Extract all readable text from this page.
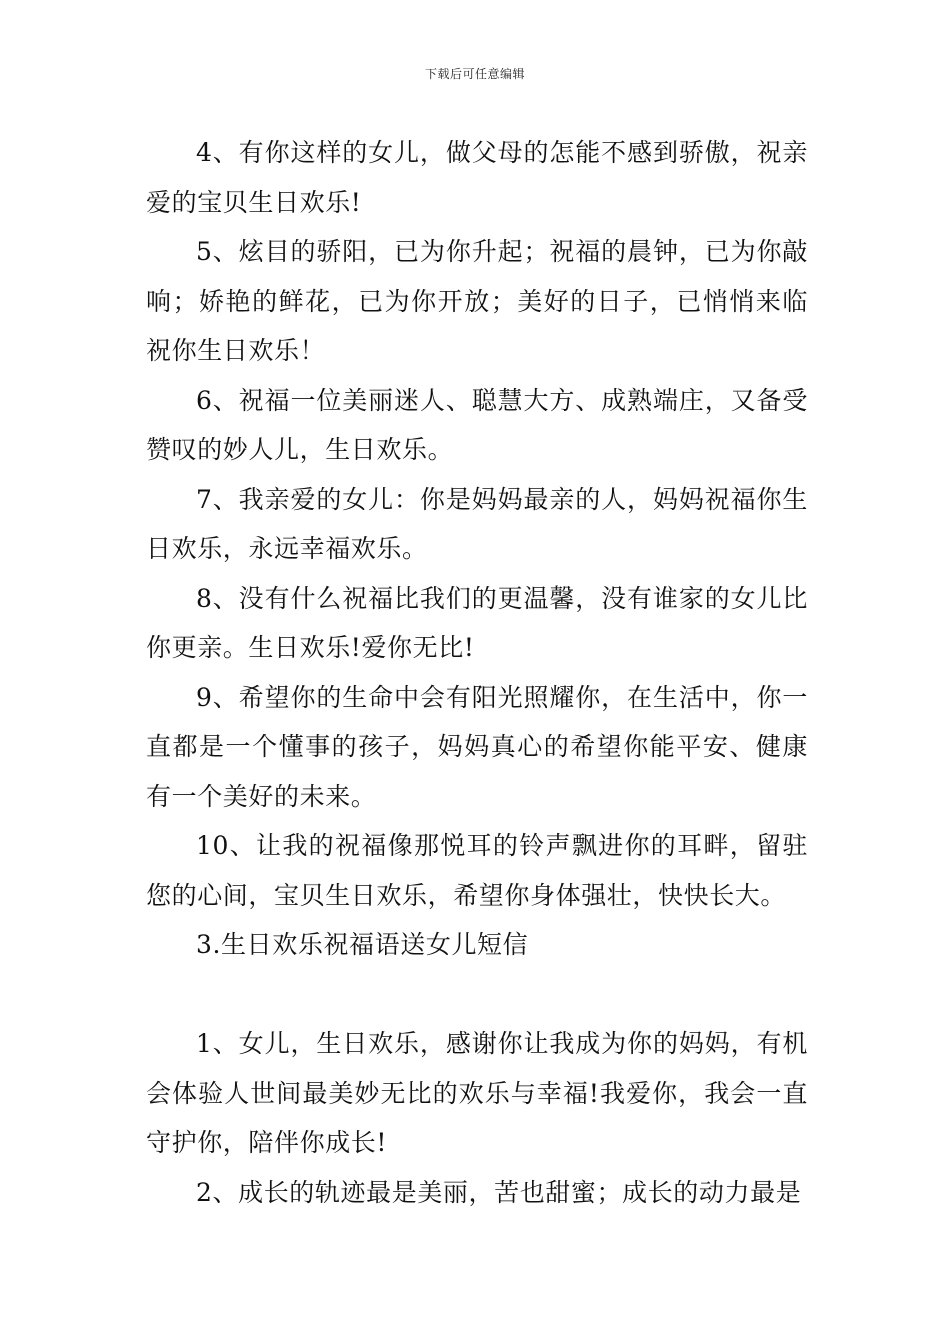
下载后可任意编辑

4、有你这样的女儿，做父母的怎能不感到骄傲，祝亲爱的宝贝生日欢乐!

5、炫目的骄阳，已为你升起；祝福的晨钟，已为你敲响；娇艳的鲜花，已为你开放；美好的日子，已悄悄来临祝你生日欢乐！

6、祝福一位美丽迷人、聪慧大方、成熟端庄，又备受赞叹的妙人儿，生日欢乐。

7、我亲爱的女儿：你是妈妈最亲的人，妈妈祝福你生日欢乐，永远幸福欢乐。

8、没有什么祝福比我们的更温馨，没有谁家的女儿比你更亲。生日欢乐!爱你无比!

9、希望你的生命中会有阳光照耀你，在生活中，你一直都是一个懂事的孩子，妈妈真心的希望你能平安、健康有一个美好的未来。

10、让我的祝福像那悦耳的铃声飘进你的耳畔，留驻您的心间，宝贝生日欢乐，希望你身体强壮，快快长大。

3.生日欢乐祝福语送女儿短信

1、女儿，生日欢乐，感谢你让我成为你的妈妈，有机会体验人世间最美妙无比的欢乐与幸福!我爱你，我会一直守护你，陪伴你成长!

2、成长的轨迹最是美丽，苦也甜蜜；成长的动力最是
